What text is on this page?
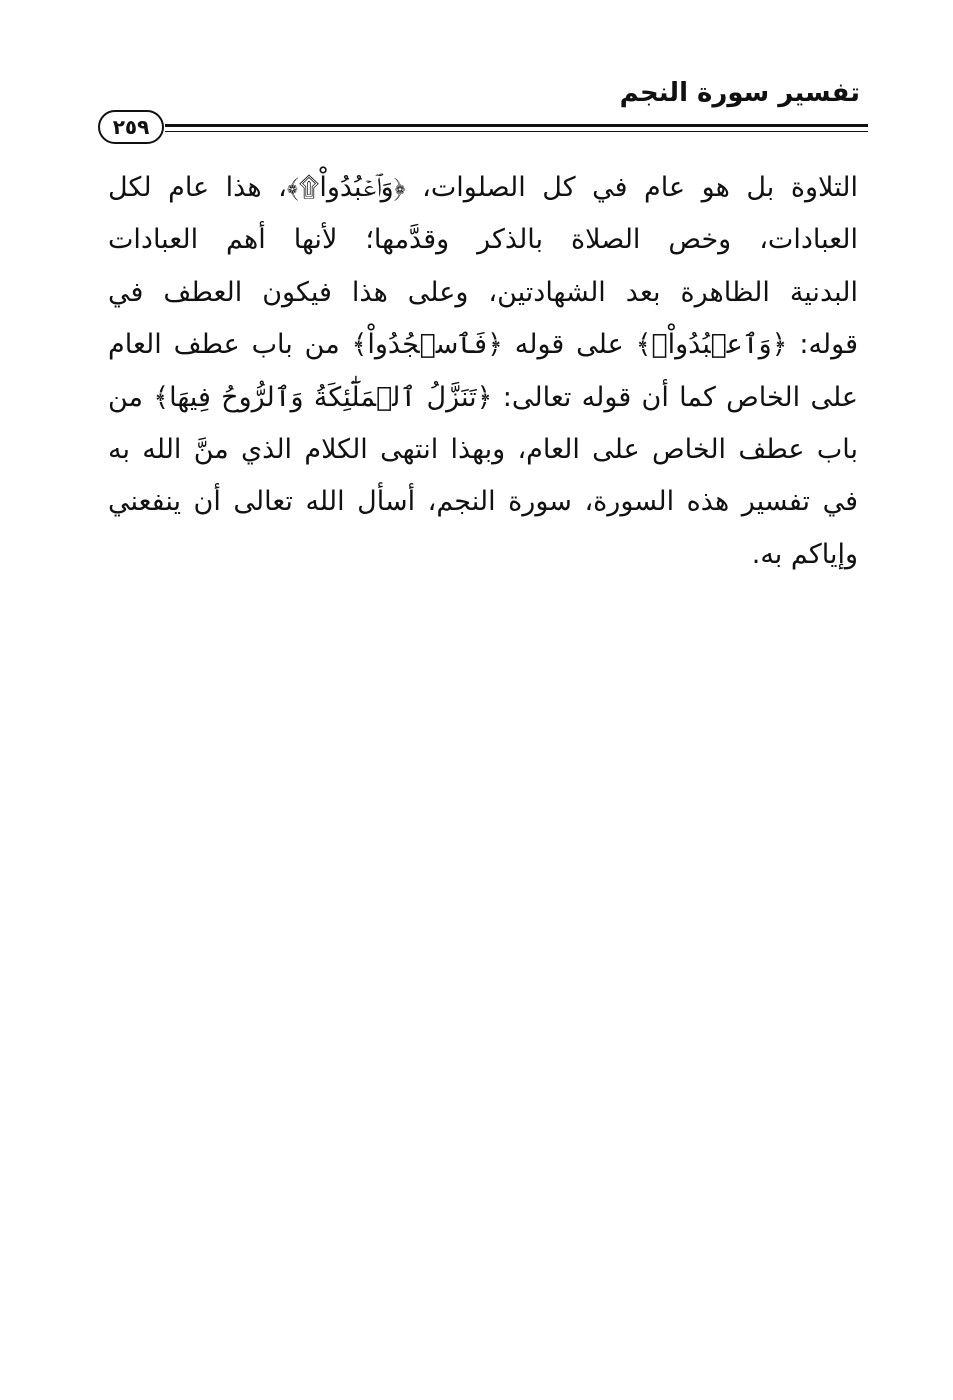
تفسير سورة النجم
٢٥٩
التلاوة بل هو عام في كل الصلوات، ﴿وَٱعۡبُدُواْ۩﴾، هذا عام لكل
العبادات، وخص الصلاة بالذكر وقدَّمها؛ لأنها أهم العبادات
البدنية الظاهرة بعد الشهادتين، وعلى هذا فيكون العطف في
قوله: ﴿وَٱعۡبُدُواْ۩﴾ على قوله ﴿فَٱسۡجُدُواْ﴾ من باب عطف العام
على الخاص كما أن قوله تعالى: ﴿تَنَزَّلُ ٱلۡمَلَٰٓئِكَةُ وَٱلرُّوحُ فِيهَا﴾ من
باب عطف الخاص على العام، وبهذا انتهى الكلام الذي منَّ الله به
في تفسير هذه السورة، سورة النجم، أسأل الله تعالى أن ينفعني
وإياكم به.
